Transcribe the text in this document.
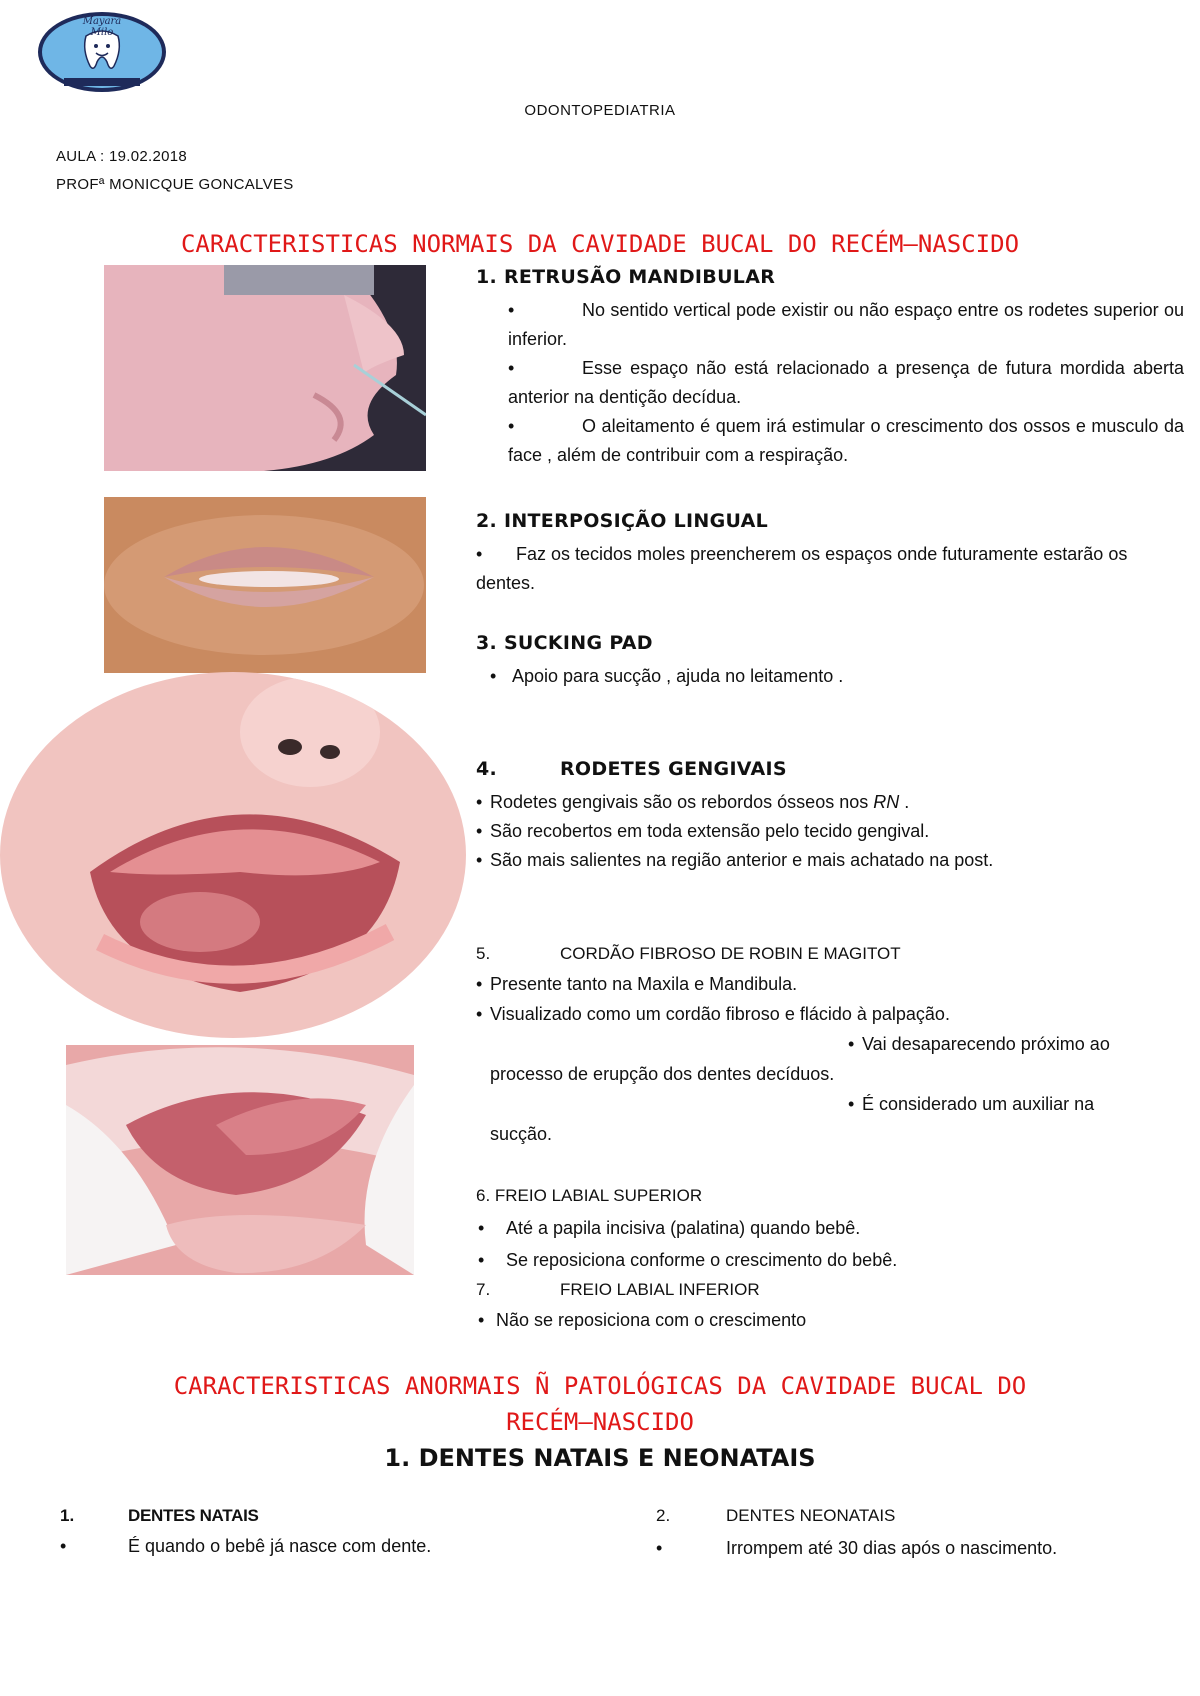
Mayara Milo
ODONTOPEDIATRIA
AULA : 19.02.2018
PROFª MONICQUE GONCALVES
CARACTERISTICAS NORMAIS DA CAVIDADE BUCAL DO RECÉM–NASCIDO
1. RETRUSÃO MANDIBULAR
•	No sentido vertical pode existir ou não espaço entre os rodetes superior ou inferior.
•	Esse espaço não está relacionado a presença de futura mordida aberta anterior na dentição decídua.
•	O aleitamento é quem irá estimular o crescimento dos ossos e musculo da face , além de contribuir com a respiração.
2. INTERPOSIÇÃO LINGUAL
• Faz os tecidos moles preencherem os espaços onde futuramente estarão os dentes.
3. SUCKING PAD
• Apoio para sucção , ajuda no leitamento .
4.	RODETES GENGIVAIS
• Rodetes gengivais são os rebordos ósseos nos RN .
• São recobertos em toda extensão pelo tecido gengival.
• São mais salientes na região anterior e mais achatado na post.
5.	CORDÃO FIBROSO DE ROBIN E MAGITOT
• Presente tanto na Maxila e Mandibula.
• Visualizado como um cordão fibroso e flácido à palpação.
• Vai desaparecendo próximo ao
processo de erupção dos dentes decíduos.
• É considerado um auxiliar na
sucção.
6. FREIO LABIAL SUPERIOR
• Até a papila incisiva (palatina) quando bebê.
• Se reposiciona conforme o crescimento do bebê.
7.	FREIO LABIAL INFERIOR
• Não se reposiciona com o crescimento
CARACTERISTICAS ANORMAIS Ñ PATOLÓGICAS DA CAVIDADE BUCAL DO
RECÉM–NASCIDO
1. DENTES NATAIS E NEONATAIS
1.	DENTES NATAIS
•	É quando o bebê já nasce com dente.
2.	DENTES NEONATAIS
•	Irrompem até 30 dias após o nascimento.
